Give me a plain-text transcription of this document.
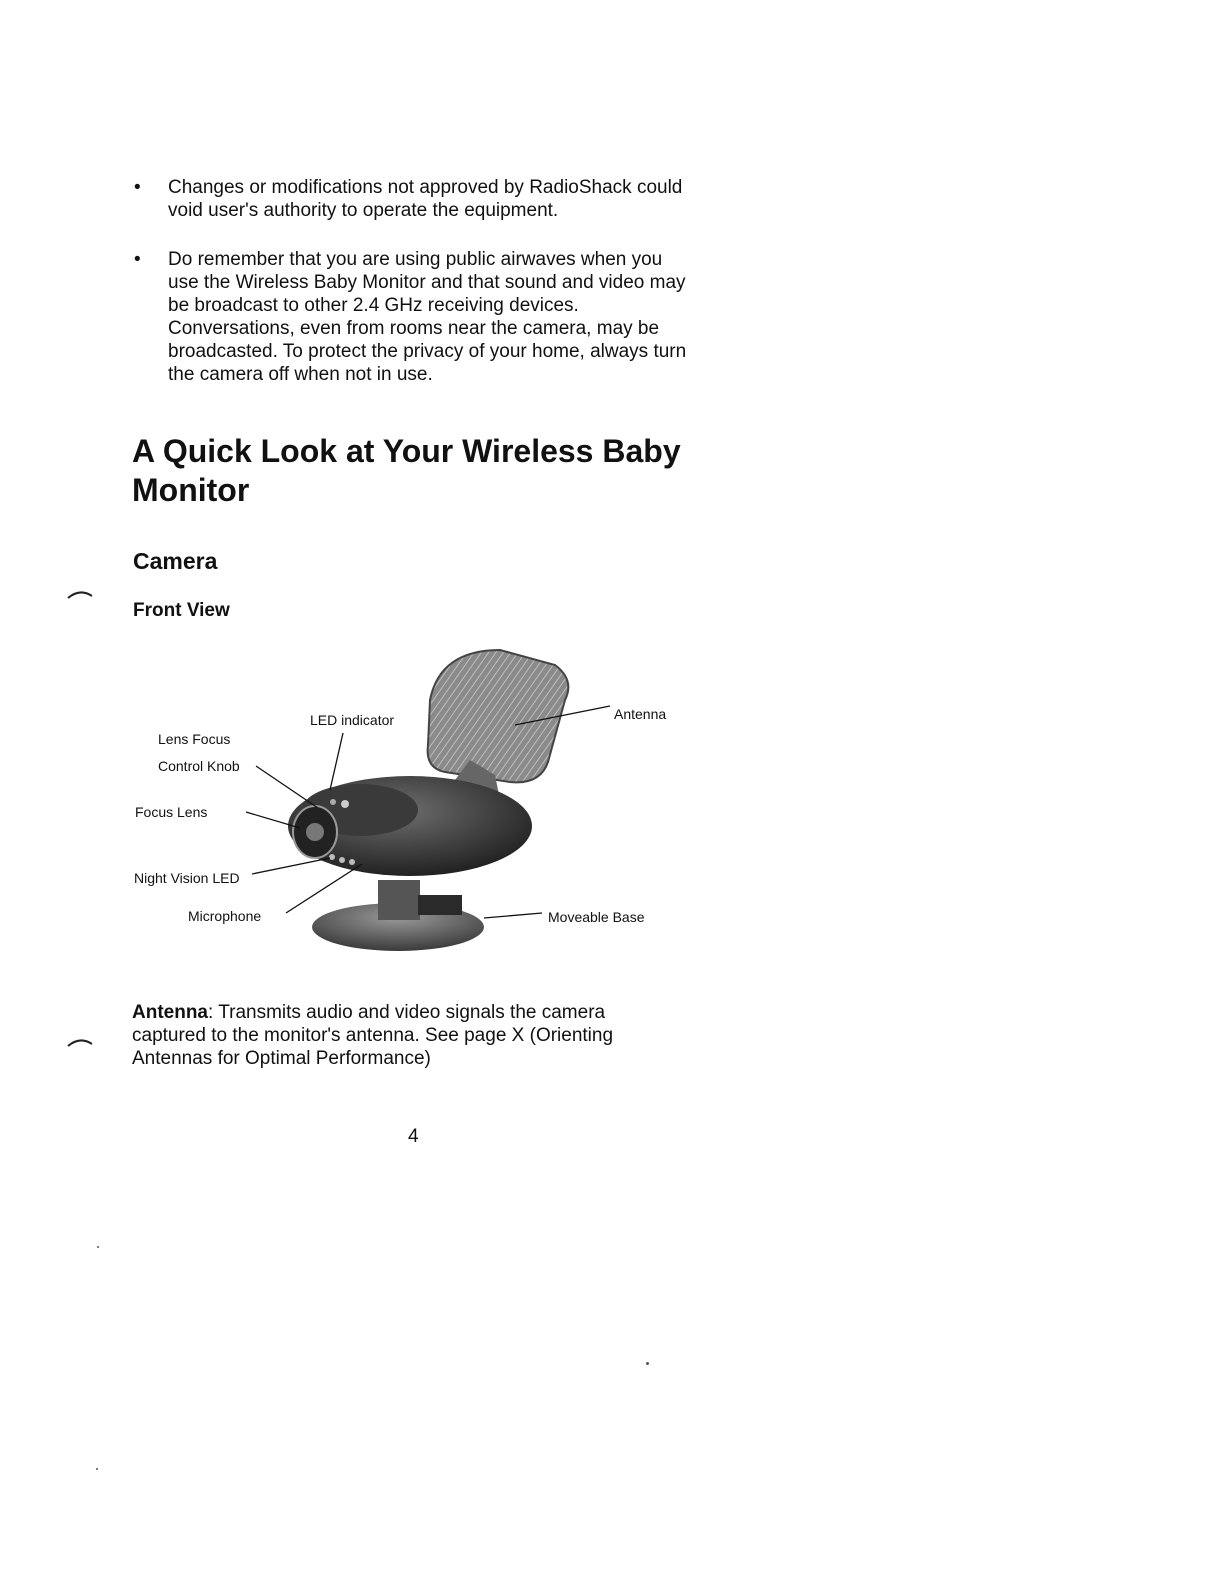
• Changes or modifications not approved by RadioShack could void user's authority to operate the equipment.
• Do remember that you are using public airwaves when you use the Wireless Baby Monitor and that sound and video may be broadcast to other 2.4 GHz receiving devices. Conversations, even from rooms near the camera, may be broadcasted. To protect the privacy of your home, always turn the camera off when not in use.
A Quick Look at Your Wireless Baby Monitor
Camera
Front View
LED indicator	Antenna
Lens Focus
Control Knob
Focus Lens
Night Vision LED
Microphone	Moveable Base

Antenna: Transmits audio and video signals the camera captured to the monitor's antenna. See page X (Orienting Antennas for Optimal Performance)

4
